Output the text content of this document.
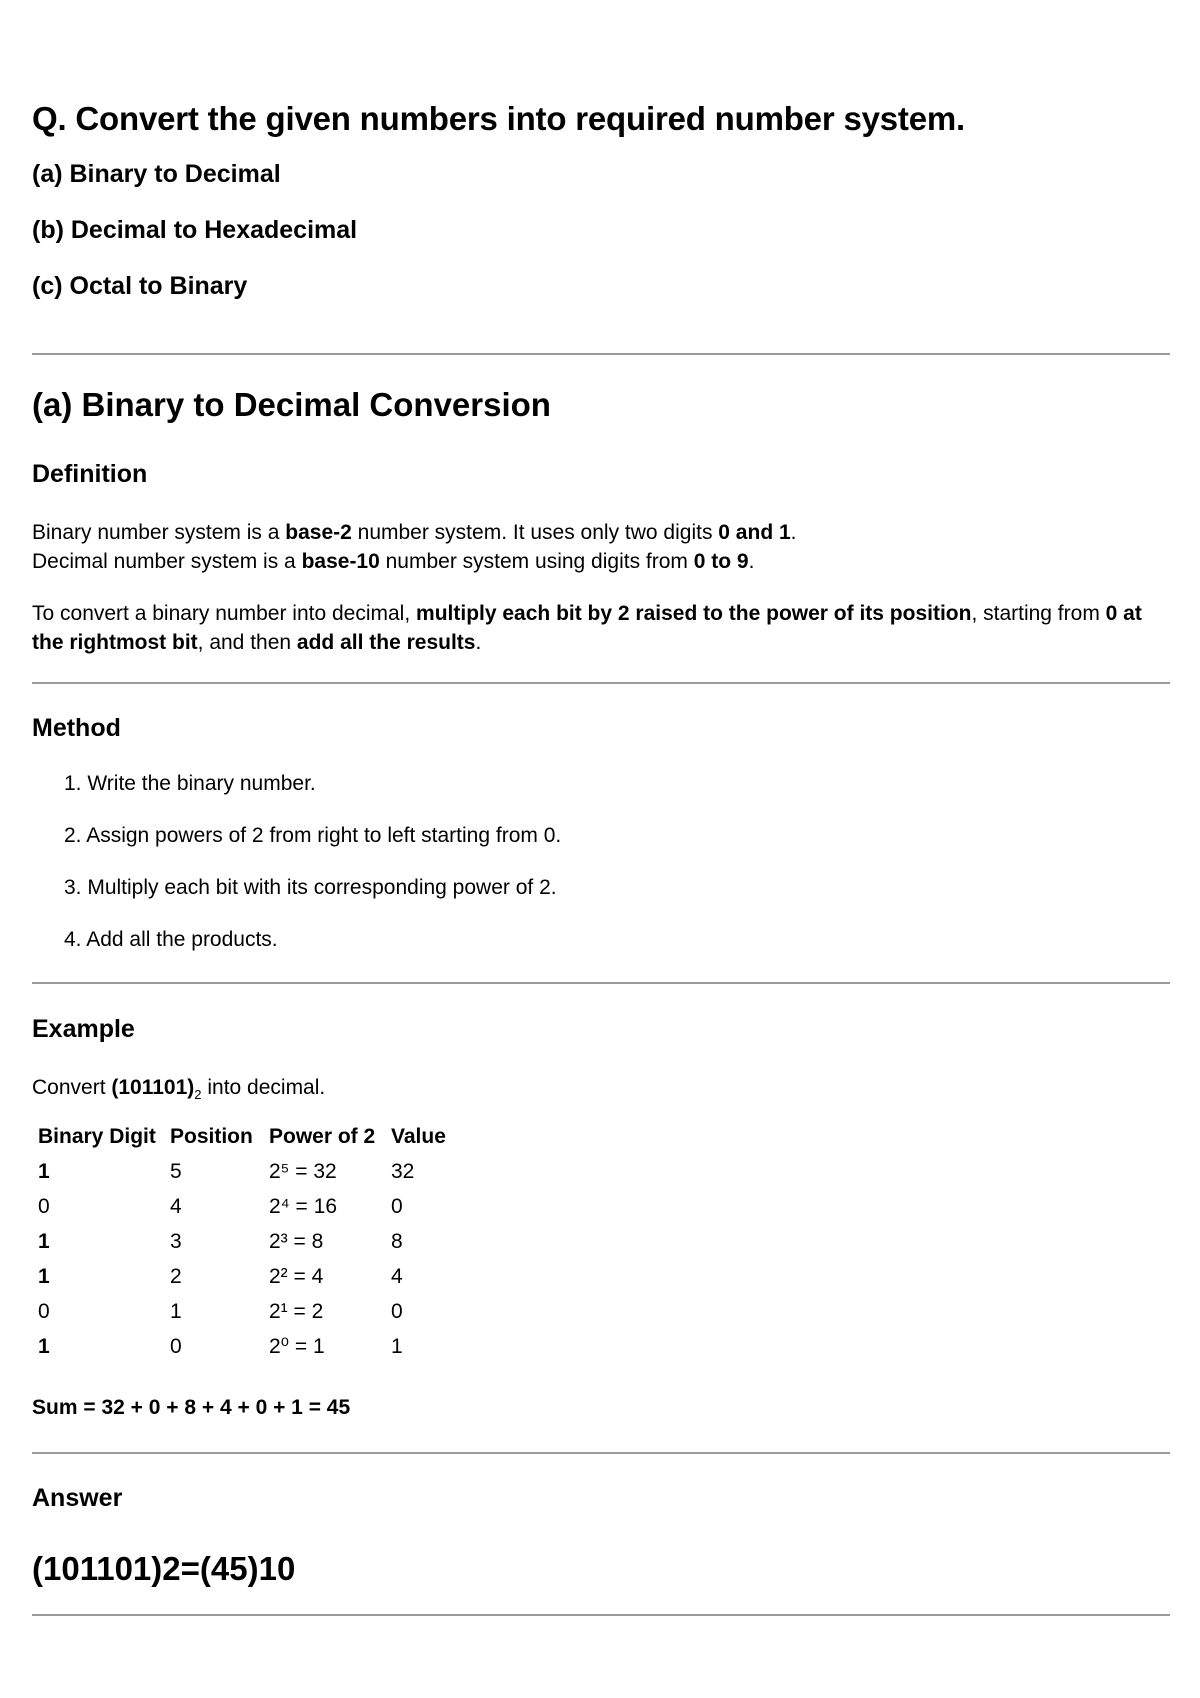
Q. Convert the given numbers into required number system.

(a) Binary to Decimal

(b) Decimal to Hexadecimal

(c) Octal to Binary

(a) Binary to Decimal Conversion
Definition

Binary number system is a base-2 number system. It uses only two digits 0 and 1.
Decimal number system is a base-10 number system using digits from 0 to 9.

To convert a binary number into decimal, multiply each bit by 2 raised to the power of its position, starting from 0 at the rightmost bit, and then add all the results.

Method
1. Write the binary number.
2. Assign powers of 2 from right to left starting from 0.
3. Multiply each bit with its corresponding power of 2.
4. Add all the products.
Example

Convert $(101101)_2$ into decimal.

Binary Digit	Position	Power of 2	Value
1	5	2⁵ = 32	32
0	4	2⁴ = 16	0
1	3	2³ = 8	8
1	2	2² = 4	4
0	1	2¹ = 2	0
1	0	2⁰ = 1	1

Sum = 32 + 0 + 8 + 4 + 0 + 1 = 45

Answer

(101101)2=(45)10
